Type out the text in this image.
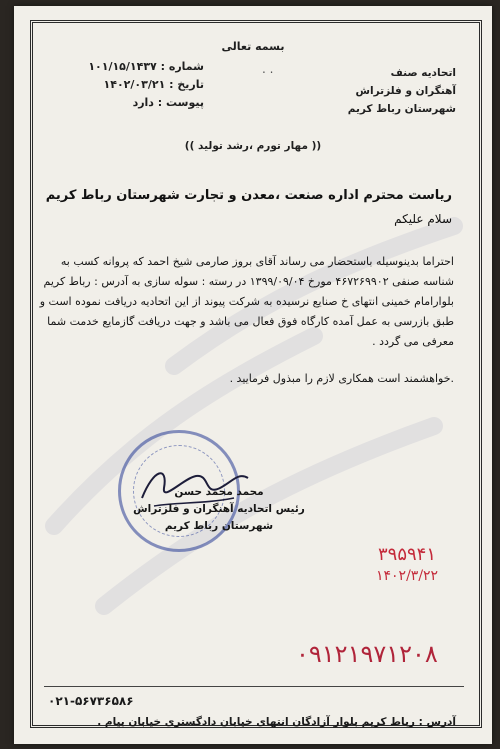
بسمه تعالی
اتحادیه صنف
آهنگران و فلزتراش
شهرستان رباط کریم
. .
شماره : ۱۰۱/۱۵/۱۴۳۷
تاریخ : ۱۴۰۲/۰۳/۲۱
پیوست : دارد
(( مهار تورم ،رشد تولید ))
ریاست محترم اداره صنعت ،معدن و تجارت شهرستان رباط کریم
سلام علیکم
احتراما بدینوسیله باستحضار می رساند آقای بروز صارمی شیخ احمد که پروانه کسب به
شناسه صنفی ۴۶۷۲۶۹۹۰۲ مورخ ۱۳۹۹/۰۹/۰۴ در رسته : سوله سازی به آدرس : رباط کریم
بلوارامام خمینی انتهای خ صنایع نرسیده به شرکت پیوند از این اتحادیه دریافت نموده است و
طبق بازرسی به عمل آمده کارگاه فوق فعال می باشد و جهت دریافت گازمایع خدمت شما
معرفی می گردد .
.خواهشمند است همکاری لازم را مبذول فرمایید .
محمد محمد حسن
رئیس اتحادیه آهنگران و فلزتراش
شهرستان رباط کریم
۳۹۵۹۴۱
۱۴۰۲/۳/۲۲
۰۹۱۲۱۹۷۱۲۰۸
۰۲۱-۵۶۷۳۶۵۸۶
آدرس : رباط کریم بلوار آزادگان انتهای خیابان دادگستری خیابان پیام .
